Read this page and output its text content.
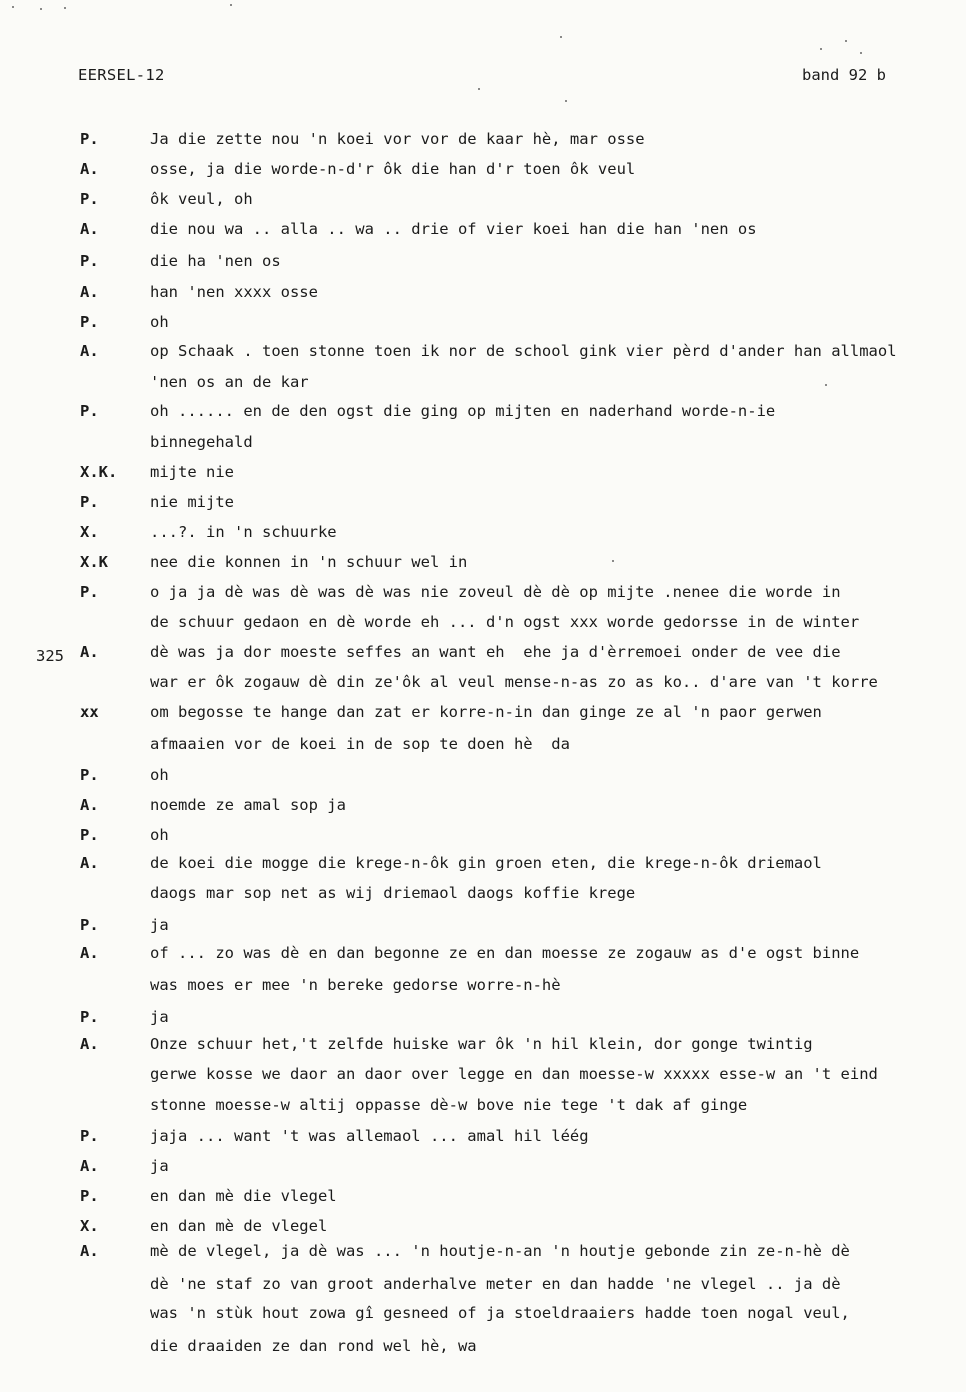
EERSEL-12	band 92 b
325
P.	Ja die zette nou 'n koei vor vor de kaar hè, mar osse
A.	osse, ja die worde-n-d'r ôk die han d'r toen ôk veul
P.	ôk veul, oh
A.	die nou wa .. alla .. wa .. drie of vier koei han die han 'nen os
P.	die ha 'nen os
A.	han 'nen xxxx osse
P.	oh
A.	op Schaak . toen stonne toen ik nor de school gink vier pèrd d'ander han allmaol
'nen os an de kar
P.	oh ...... en de den ogst die ging op mijten en naderhand worde-n-ie
binnegehald
X.K. mijte nie
P.	nie mijte
X.	...?. in 'n schuurke
X.K	nee die konnen in 'n schuur wel in
P.	o ja ja dè was dè was dè was nie zoveul dè dè op mijte .nenee die worde in
de schuur gedaon en dè worde eh ... d'n ogst xxx worde gedorsse in de winter
A.	dè was ja dor moeste seffes an want eh  ehe ja d'èrremoei onder de vee die
war er ôk zogauw dè din ze'ôk al veul mense-n-as zo as ko.. d'are van 't korre
xx	om begosse te hange dan zat er korre-n-in dan ginge ze al 'n paor gerwen
afmaaien vor de koei in de sop te doen hè  da
P.	oh
A.	noemde ze amal sop ja
P.	oh
A.	de koei die mogge die krege-n-ôk gin groen eten, die krege-n-ôk driemaol
daogs mar sop net as wij driemaol daogs koffie krege
P.	ja
A.	of ... zo was dè en dan begonne ze en dan moesse ze zogauw as d'e ogst binne
was moes er mee 'n bereke gedorse worre-n-hè
P.	ja
A.	Onze schuur het,'t zelfde huiske war ôk 'n hil klein, dor gonge twintig
gerwe kosse we daor an daor over legge en dan moesse-w xxxxx esse-w an 't eind
stonne moesse-w altij oppasse dè-w bove nie tege 't dak af ginge
P.	jaja ... want 't was allemaol ... amal hil léég
A.	ja
P.	en dan mè die vlegel
X.	en dan mè de vlegel
A.	mè de vlegel, ja dè was ... 'n houtje-n-an 'n houtje gebonde zin ze-n-hè dè
dè 'ne staf zo van groot anderhalve meter en dan hadde 'ne vlegel .. ja dè
was 'n stùk hout zowa gî gesneed of ja stoeldraaiers hadde toen nogal veul,
die draaiden ze dan rond wel hè, wa
